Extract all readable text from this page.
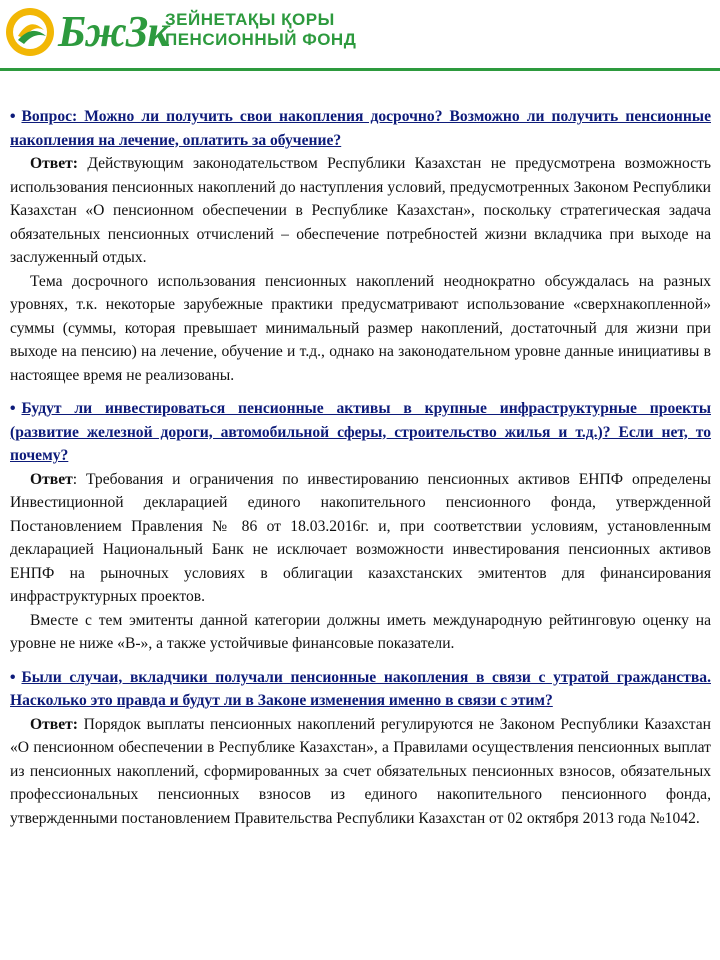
БжЗк
ЗЕЙНЕТАҚЫ ҚОРЫ
ПЕНСИОННЫЙ ФОНД

• Вопрос: Можно ли получить свои накопления досрочно? Возможно ли получить пенсионные накопления на лечение, оплатить за обучение?

Ответ: Действующим законодательством Республики Казахстан не предусмотрена возможность использования пенсионных накоплений до наступления условий, предусмотренных Законом Республики Казахстан «О пенсионном обеспечении в Республике Казахстан», поскольку стратегическая задача обязательных пенсионных отчислений – обеспечение потребностей жизни вкладчика при выходе на заслуженный отдых.

Тема досрочного использования пенсионных накоплений неоднократно обсуждалась на разных уровнях, т.к. некоторые зарубежные практики предусматривают использование «сверхнакопленной» суммы (суммы, которая превышает минимальный размер накоплений, достаточный для жизни при выходе на пенсию) на лечение, обучение и т.д., однако на законодательном уровне данные инициативы в настоящее время не реализованы.

• Будут ли инвестироваться пенсионные активы в крупные инфраструктурные проекты (развитие железной дороги, автомобильной сферы, строительство жилья и т.д.)? Если нет, то почему?

Ответ: Требования и ограничения по инвестированию пенсионных активов ЕНПФ определены Инвестиционной декларацией единого накопительного пенсионного фонда, утвержденной Постановлением Правления № 86 от 18.03.2016г. и, при соответствии условиям, установленным декларацией Национальный Банк не исключает возможности инвестирования пенсионных активов ЕНПФ на рыночных условиях в облигации казахстанских эмитентов для финансирования инфраструктурных проектов.

Вместе с тем эмитенты данной категории должны иметь международную рейтинговую оценку на уровне не ниже «В-», а также устойчивые финансовые показатели.

• Были случаи, вкладчики получали пенсионные накопления в связи с утратой гражданства. Насколько это правда и будут ли в Законе изменения именно в связи с этим?

Ответ: Порядок выплаты пенсионных накоплений регулируются не Законом Республики Казахстан «О пенсионном обеспечении в Республике Казахстан», а Правилами осуществления пенсионных выплат из пенсионных накоплений, сформированных за счет обязательных пенсионных взносов, обязательных профессиональных пенсионных взносов из единого накопительного пенсионного фонда, утвержденными постановлением Правительства Республики Казахстан от 02 октября 2013 года №1042.
